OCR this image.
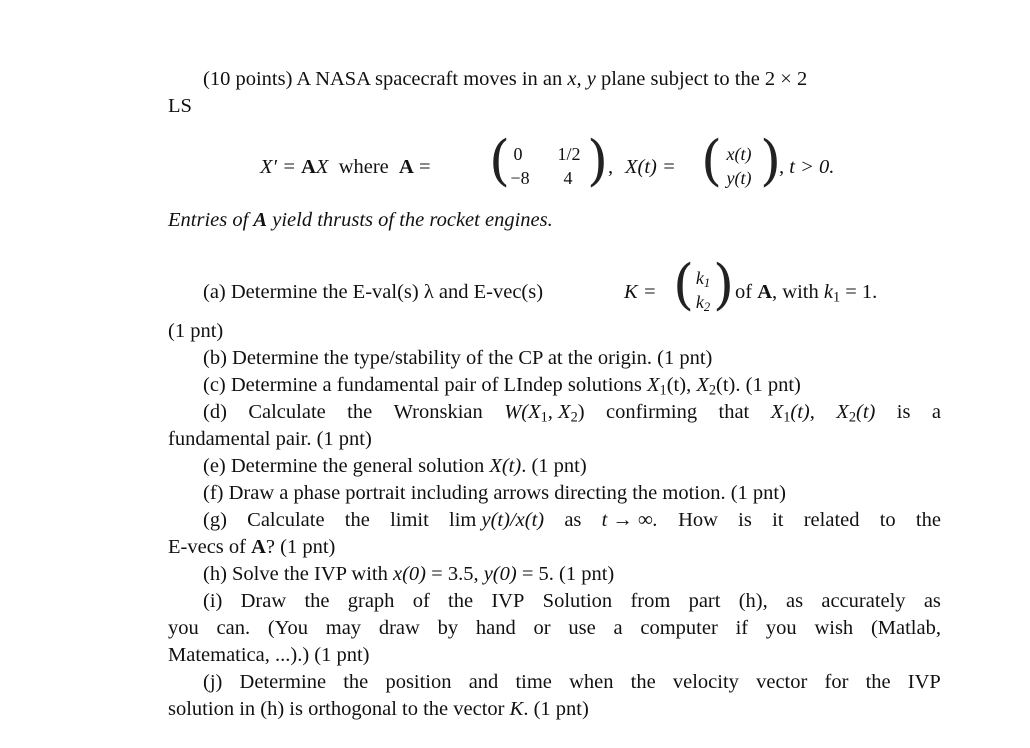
(10 points) A NASA spacecraft moves in an x, y plane subject to the 2 × 2
LS
X′ = AX where A = ( 0	1/2
−8	4 ) , X(t) = ( x(t)
y(t) )
, t > 0.
Entries of A yield thrusts of the rocket engines.
(a) Determine the E-val(s) λ and E-vec(s)	K = ( $k_1$
$k_2$ ) of A, with $k_1 = 1$.
(1 pnt)
(b) Determine the type/stability of the CP at the origin. (1 pnt)
(c) Determine a fundamental pair of LIndep solutions $X_1(t)$, $X_2(t)$. (1 pnt)
(d) Calculate the Wronskian $W(X_1$, $X_2$) confirming that $X_1(t)$, $X_2(t)$ is a
fundamental pair. (1 pnt)
(e) Determine the general solution X(t). (1 pnt)
(f) Draw a phase portrait including arrows directing the motion. (1 pnt)
(g) Calculate the limit lim y(t)/x(t) as t → ∞. How is it related to the
E-vecs of A? (1 pnt)
(h) Solve the IVP with x(0) = 3.5, y(0) = 5. (1 pnt)
(i) Draw the graph of the IVP Solution from part (h), as accurately as
you can. (You may draw by hand or use a computer if you wish (Matlab,
Matematica, ...).) (1 pnt)
(j) Determine the position and time when the velocity vector for the IVP
solution in (h) is orthogonal to the vector K. (1 pnt)
